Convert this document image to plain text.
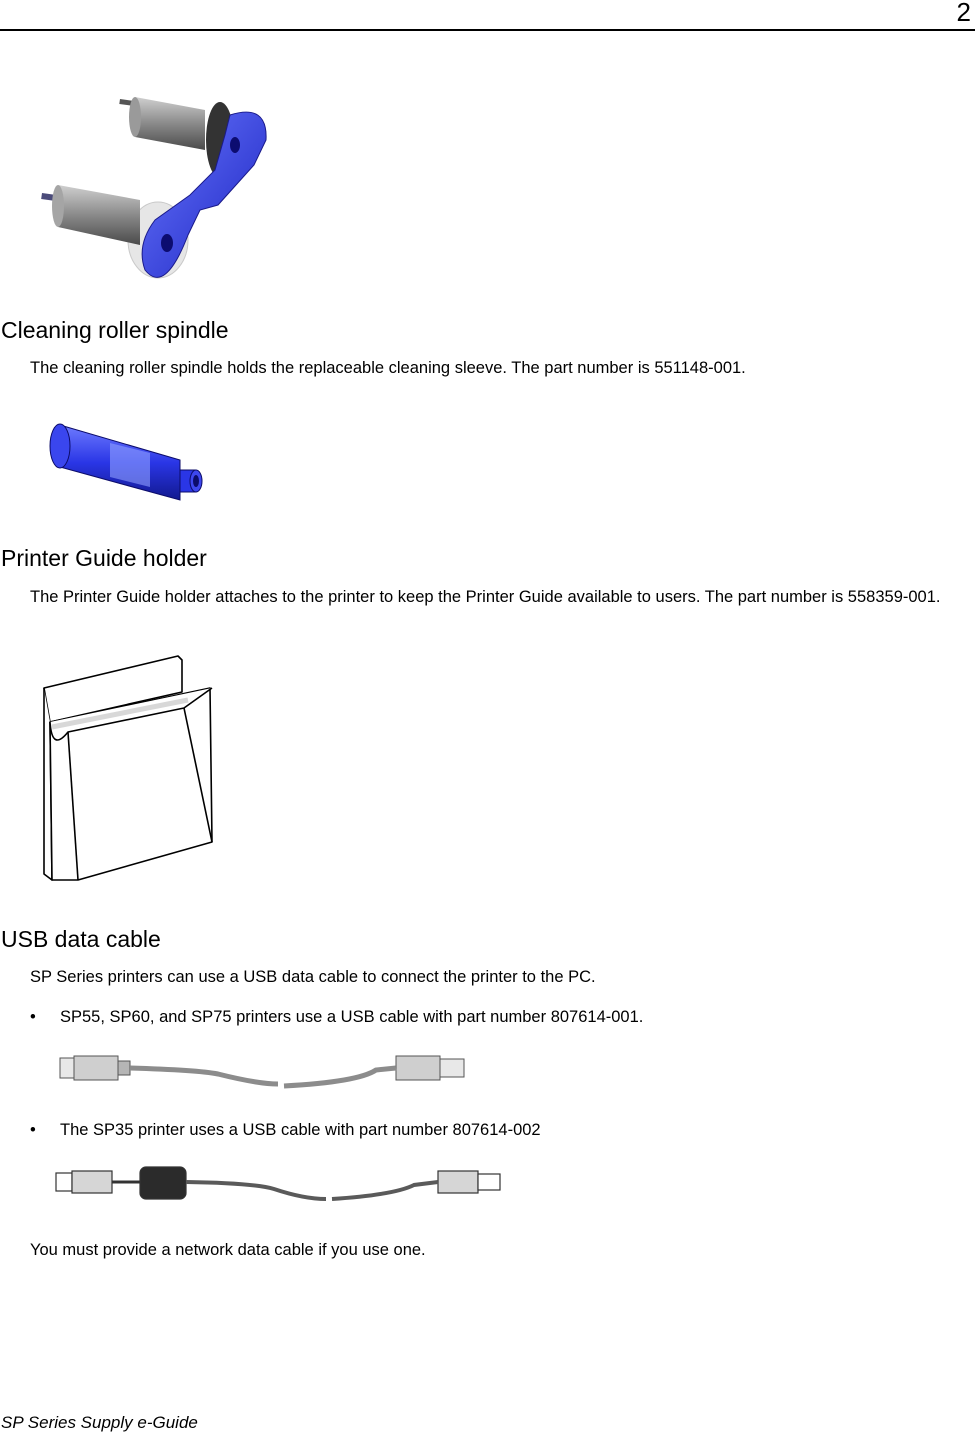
2
Cleaning roller spindle

The cleaning roller spindle holds the replaceable cleaning sleeve. The part number is 551148-001.

Printer Guide holder

The Printer Guide holder attaches to the printer to keep the Printer Guide available to users. The part number is 558359-001.

USB data cable

SP Series printers can use a USB data cable to connect the printer to the PC.

• SP55, SP60, and SP75 printers use a USB cable with part number 807614-001.
• The SP35 printer uses a USB cable with part number 807614-002

You must provide a network data cable if you use one.

SP Series Supply e-Guide
